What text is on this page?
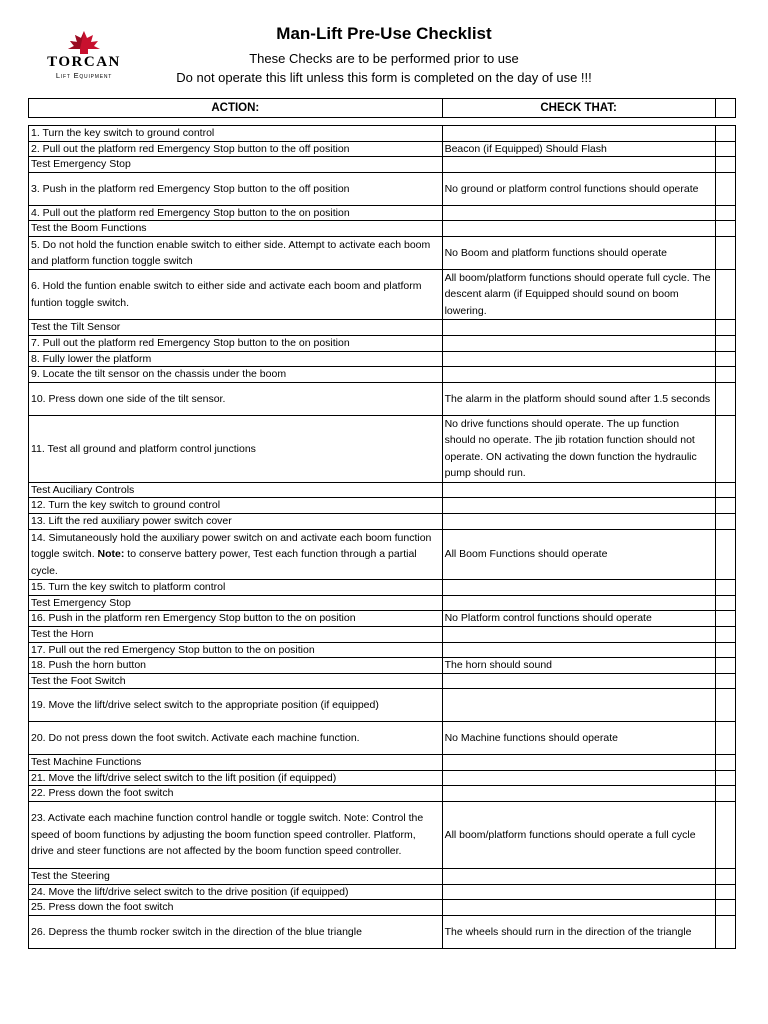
TORCAN
Lift Equipment
Man-Lift Pre-Use Checklist
These Checks are to be performed prior to use
Do not operate this lift unless this form is completed on the day of use !!!
ACTION:	CHECK THAT:	
1. Turn the key switch to ground control		
2. Pull out the platform red Emergency Stop button to the off position	Beacon (if Equipped) Should Flash	
Test Emergency Stop		
3. Push in the platform red Emergency Stop button to the off position	No ground or platform control functions should operate	
4. Pull out the platform red Emergency Stop button to the on position		
Test the Boom Functions		
5. Do not hold the function enable switch to either side. Attempt to activate each boom and platform function toggle switch	No Boom and platform functions should operate	
6. Hold the funtion enable switch to either side and activate each boom and platform funtion toggle switch.	All boom/platform functions should operate full cycle. The descent alarm (if Equipped should sound on boom lowering.	
Test the Tilt Sensor		
7. Pull out the platform red Emergency Stop button to the on position		
8. Fully lower the platform		
9. Locate the tilt sensor on the chassis under the boom		
10. Press down one side of the tilt sensor.	The alarm in the platform should sound after 1.5 seconds	
11. Test all ground and platform control junctions	No drive functions should operate. The up function should no operate. The jib rotation function should not operate. ON activating the down function the hydraulic pump should run.	
Test Auciliary Controls		
12. Turn the key switch to ground control		
13. Lift the red auxiliary power switch cover		
14. Simutaneously hold the auxiliary power switch on and activate each boom function toggle switch. Note: to conserve battery power, Test each function through a partial cycle.	All Boom Functions should operate	
15. Turn the key switch to platform control		
Test Emergency Stop		
16. Push in the platform ren Emergency Stop button to the on position	No Platform control functions should operate	
Test the Horn		
17. Pull out the red Emergency Stop button to the on position		
18. Push the horn button	The horn should sound	
Test the Foot Switch		
19. Move the lift/drive select switch to the appropriate position (if equipped)		
20. Do not press down the foot switch. Activate each machine function.	No Machine functions should operate	
Test Machine Functions		
21. Move the lift/drive select switch to the lift position (if equipped)		
22. Press down the foot switch		
23. Activate each machine function control handle or toggle switch. Note: Control the speed of boom functions by adjusting the boom function speed controller. Platform, drive and steer functions are not affected by the boom function speed controller.	All boom/platform functions should operate a full cycle	
Test the Steering		
24. Move the lift/drive select switch to the drive position (if equipped)		
25. Press down the foot switch		
26. Depress the thumb rocker switch in the direction of the blue triangle	The wheels should rurn in the direction of the triangle	
